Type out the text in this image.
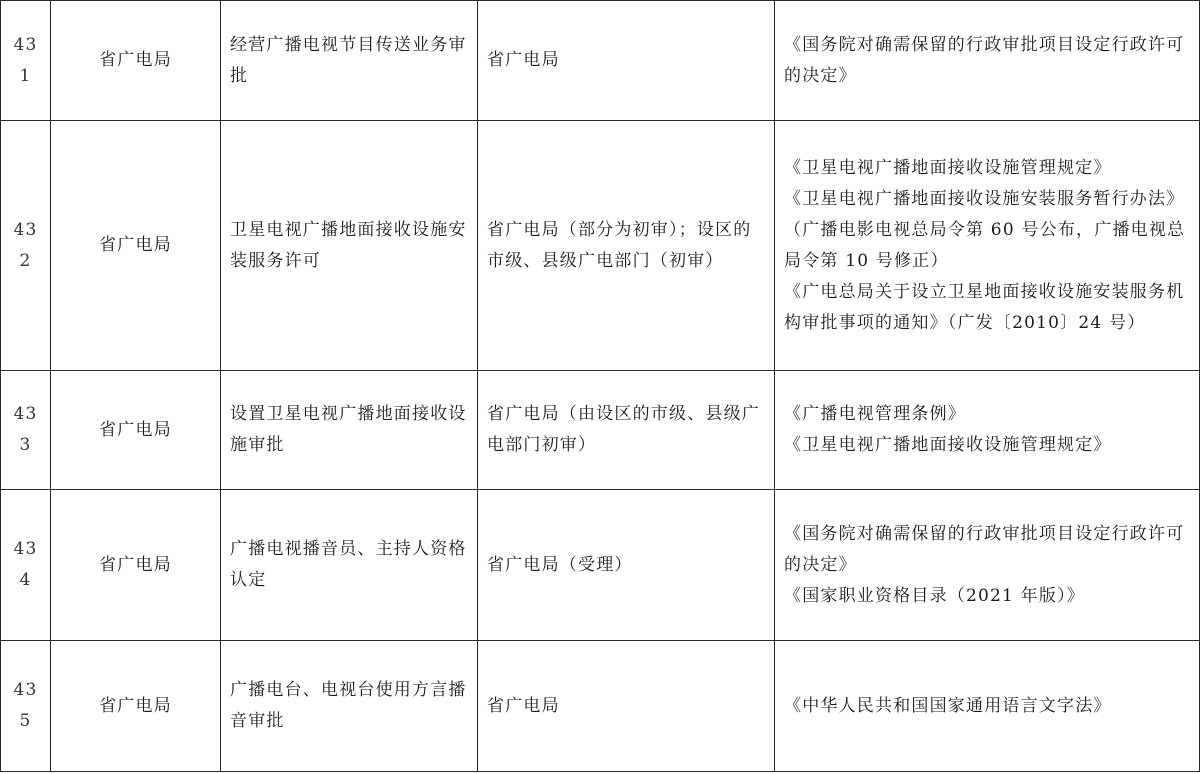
431	省广电局	经营广播电视节目传送业务审批	省广电局	《国务院对确需保留的行政审批项目设定行政许可的决定》

432	省广电局	卫星电视广播地面接收设施安装服务许可	省广电局（部分为初审）；设区的市级、县级广电部门（初审）	《卫星电视广播地面接收设施管理规定》
《卫星电视广播地面接收设施安装服务暂行办法》（广播电影电视总局令第 60 号公布，广播电视总局令第 10 号修正）
《广电总局关于设立卫星地面接收设施安装服务机构审批事项的通知》（广发〔2010〕24 号）

433	省广电局	设置卫星电视广播地面接收设施审批	省广电局（由设区的市级、县级广电部门初审）	《广播电视管理条例》
《卫星电视广播地面接收设施管理规定》

434	省广电局	广播电视播音员、主持人资格认定	省广电局（受理）	《国务院对确需保留的行政审批项目设定行政许可的决定》
《国家职业资格目录（2021 年版）》

435	省广电局	广播电台、电视台使用方言播音审批	省广电局	《中华人民共和国国家通用语言文字法》
